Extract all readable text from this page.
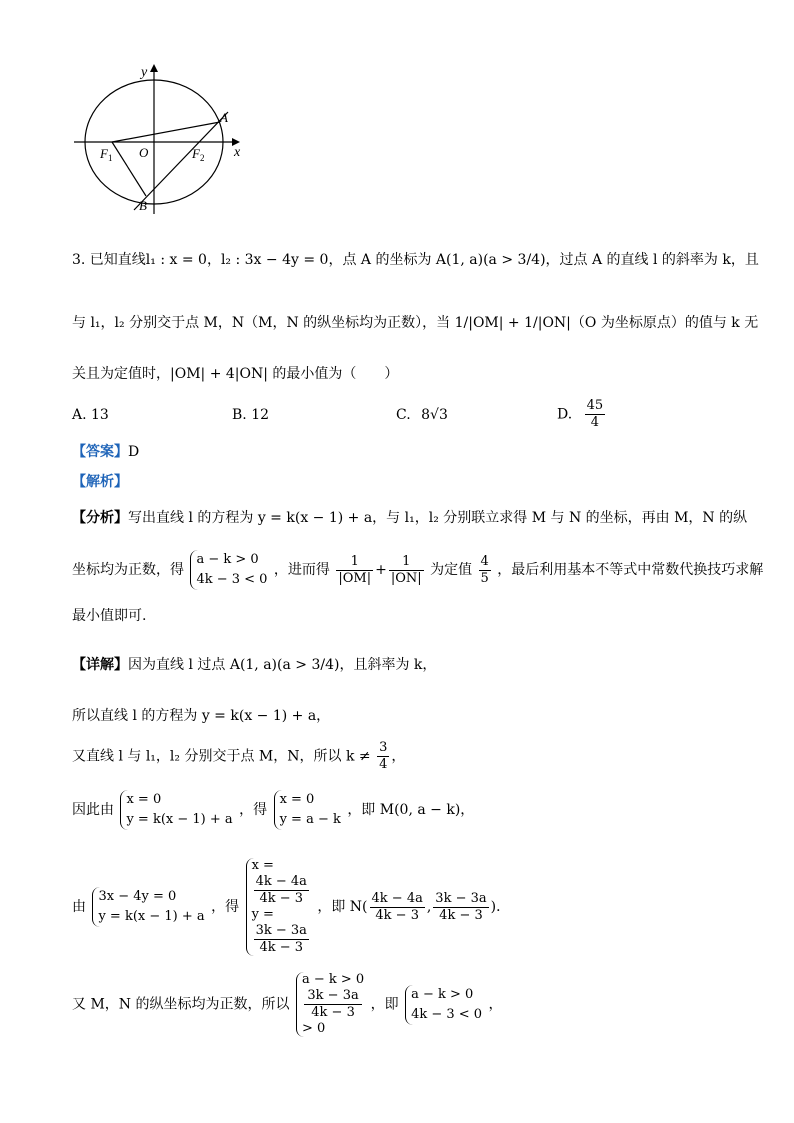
y
x
A
B
O
$F_1$	$F_2$
3. 已知直线l₁ : x = 0，l₂ : 3x − 4y = 0，点 A 的坐标为 A(1, a)(a > 3/4)，过点 A 的直线 l 的斜率为 k，且
与 l₁，l₂ 分别交于点 M，N（M，N 的纵坐标均为正数），当 1/|OM| + 1/|ON|（O 为坐标原点）的值与 k 无
关且为定值时，|OM| + 4|ON| 的最小值为（　　）
A. 13	B. 12	C. 8√3	D. $\frac{45}{4}$
【答案】D
【解析】
【分析】写出直线 l 的方程为 y = k(x − 1) + a，与 l₁，l₂ 分别联立求得 M 与 N 的坐标，再由 M，N 的纵
坐标均为正数，得
a − k > 0
4k − 3 < 0
，进而得 $\frac{1}{|OM|} + \frac{1}{|ON|}$ 为定值 $\frac{4}{5}$ ，最后利用基本不等式中常数代换技巧求解
最小值即可.
【详解】因为直线 l 过点 A(1, a)(a > 3/4)，且斜率为 k，
所以直线 l 的方程为 y = k(x − 1) + a，
又直线 l 与 l₁，l₂ 分别交于点 M，N，所以 $k \ne \frac{3}{4}$ ，
因此由
x = 0
y = k(x − 1) + a
，得
x = 0
y = a − k
，即 M(0, a − k)，
由
3x − 4y = 0
y = k(x − 1) + a
，得
x =
4k − 4a
4k − 3
y =
3k − 3a
4k − 3
，即 $N( \frac{4k - 4a}{4k - 3}$ , $\frac{3k - 3a}{4k - 3}$ )．
又 M，N 的纵坐标均为正数，所以
a − k > 0
3k − 3a
4k − 3
> 0
，即
a − k > 0
4k − 3 < 0
，
